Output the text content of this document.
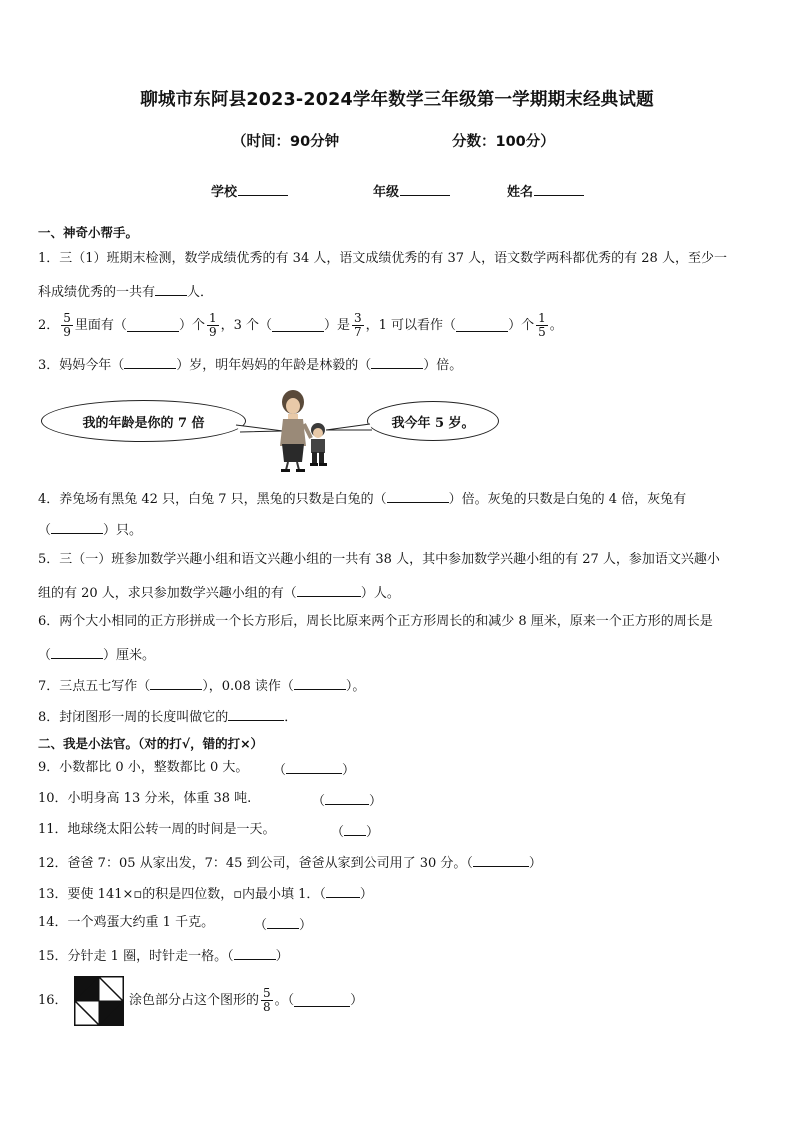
聊城市东阿县2023-2024学年数学三年级第一学期期末经典试题
（时间：90分钟	分数：100分）
学校	年级	姓名
一、神奇小帮手。
1．三（1）班期末检测，数学成绩优秀的有 34 人，语文成绩优秀的有 37 人，语文数学两科都优秀的有 28 人，至少一
科成绩优秀的一共有 人．
2． $\frac{5}{9}$ 里面有（	）个 $\frac{1}{9}$ ，3 个（	）是 $\frac{3}{7}$ ，1 可以看作（	）个 $\frac{1}{5}$ 。
3．妈妈今年（	）岁，明年妈妈的年龄是林毅的（	）倍。
我的年龄是你的 7 倍	我今年 5 岁。
4．养兔场有黑兔 42 只，白兔 7 只，黑兔的只数是白兔的（	）倍。灰兔的只数是白兔的 4 倍，灰兔有
（	）只。
5．三（一）班参加数学兴趣小组和语文兴趣小组的一共有 38 人，其中参加数学兴趣小组的有 27 人，参加语文兴趣小
组的有 20 人，求只参加数学兴趣小组的有（	）人。
6．两个大小相同的正方形拼成一个长方形后，周长比原来两个正方形周长的和减少 8 厘米，原来一个正方形的周长是
（	）厘米。
7．三点五七写作（	），0.08 读作（	）。
8．封闭图形一周的长度叫做它的	．
二、我是小法官。（对的打√，错的打×）
9．小数都比 0 小，整数都比 0 大。 （	）
10．小明身高 13 分米，体重 38 吨.	（	）
11．地球绕太阳公转一周的时间是一天。	（ ）
12．爸爸 7：05 从家出发，7：45 到公司，爸爸从家到公司用了 30 分。（	）
13．要使 141×▫的积是四位数，▫内最小填 1．（	）
14．一个鸡蛋大约重 1 千克。	（ ）
15．分针走 1 圈，时针走一格。（	）
16．	涂色部分占这个图形的 $\frac{5}{8}$ 。（	）
